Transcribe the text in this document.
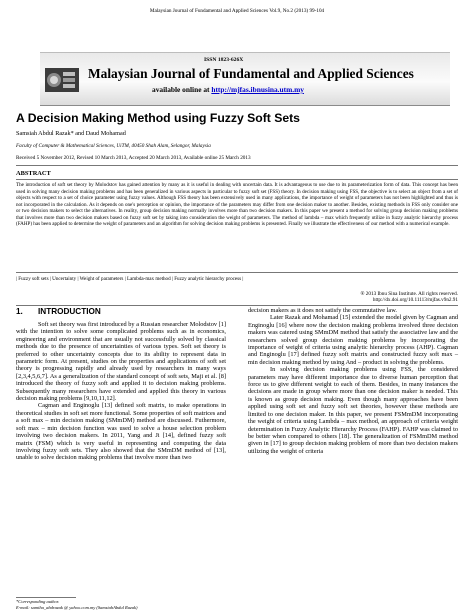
Malaysian Journal of Fundamental and Applied Sciences Vol.9, No.2 (2013) 99-104
ISSN 1823-626X
Malaysian Journal of Fundamental and Applied Sciences
available online at http://mjfas.ibnusina.utm.my
A Decision Making Method using Fuzzy Soft Sets
Samsiah Abdul Razak* and Daud Mohamad
Faculty of Computer & Mathematical Sciences, UiTM, 40450 Shah Alam, Selangor, Malaysia
Received 5 November 2012, Revised 10 March 2013, Accepted 20 March 2013, Available online 25 March 2013
ABSTRACT

The introduction of soft set theory by Molodstov has gained attention by many as it is useful in dealing with uncertain data. It is advantageous to use due to its parameterization form of data. This concept has been used in solving many decision making problems and has been generalized in various aspects in particular to fuzzy soft set (FSS) theory. In decision making using FSS, the objective is to select an object from a set of objects with respect to a set of choice parameter using fuzzy values. Although FSS theory has been extensively used in many applications, the importance of weight of parameters has not been highlighted and thus is not incorporated in the calculation. As it depends on one's perception or opinion, the importance of the parameters may differ from one decision maker to another. Besides, existing methods in FSS only consider one or two decision makers to select the alternatives. In reality, group decision making normally involves more than two decision makers. In this paper we present a method for solving group decision making problems that involves more than two decision makers based on fuzzy soft set by taking into consideration the weight of parameters. The method of lambda – max which frequently utilize in fuzzy analytic hierarchy process (FAHP) has been applied to determine the weight of parameters and an algorithm for solving decision making problems is presented. Finally we illustrate the effectiveness of our method with a numerical example.

| Fuzzy soft sets | Uncertainty | Weight of parameters | Lambda-max method | Fuzzy analytic hierarchy process |
® 2013 Ibnu Sina Institute. All rights reserved.
http://dx.doi.org/10.11113/mjfas.v9n2.91
1. INTRODUCTION

Soft set theory was first introduced by a Russian researcher Molodstov [1] with the intention to solve some complicated problems such as in economics, engineering and environment that are usually not successfully solved by classical methods due to the presence of uncertainties of various types. Soft set theory is preferred to other uncertainty concepts due to its ability to represent data in parametric form. At present, studies on the properties and applications of soft set theory is progressing rapidly and already used by researchers in many ways [2,3,4,5,6,7]. As a generalization of the standard concept of soft sets, Maji et al. [8] introduced the theory of fuzzy soft and applied it to decision making problems. Subsequently many researchers have extended and applied this theory in various decision making problems [9,10,11,12].

Cagman and Enginoglu [13] defined soft matrix, to make operations in theoretical studies in soft set more functional. Some properties of soft matrices and a soft max – min decision making (SMmDM) method are discussed. Futhermore, soft max – min decision function was used to solve a house selection problem involving two decision makers. In 2011, Yang and Ji [14], defined fuzzy soft matrix (FSM) which is very useful in representing and computing the data involving fuzzy soft sets. They also showed that the SMmDM method of [13], unable to solve decision making problems that involve more than two

decision makers as it does not satisfy the commutative law.

Later Razak and Mohamad [15] extended the model given by Cagman and Enginoglu [16] where now the decision making problems involved three decision makers was catered using SMmDM method that satisfy the associative law and the researchers solved group decision making problems by incorporating the importance of weight of criteria using analytic hierarchy process (AHP). Cagman and Enginoglu [17] defined fuzzy soft matrix and constructed fuzzy soft max – min decision making method by using And – product in solving the problems.

In solving decision making problems using FSS, the considered parameters may have different importance due to diverse human perception that force us to give different weight to each of them. Besides, in many instances the decisions are made in group where more than one decision maker is needed. This is known as group decision making. Even though many approaches have been applied using soft set and fuzzy soft set theories, however these methods are limited to one decision maker. In this paper, we present FSMmDM incorporating the weight of criteria using Lambda – max method, an approach of criteria weight determination in Fuzzy Analytic Hierarchy Process (FAHP). FAHP was claimed to be better when compared to others [18]. The generalization of FSMmDM method given in [17] to group decision making problem of more than two decision makers utilizing the weight of criteria

*Corresponding author.
E-mail: samiha_abdrazak @ yahoo.com.my (SamsiahAbdul Razak)
